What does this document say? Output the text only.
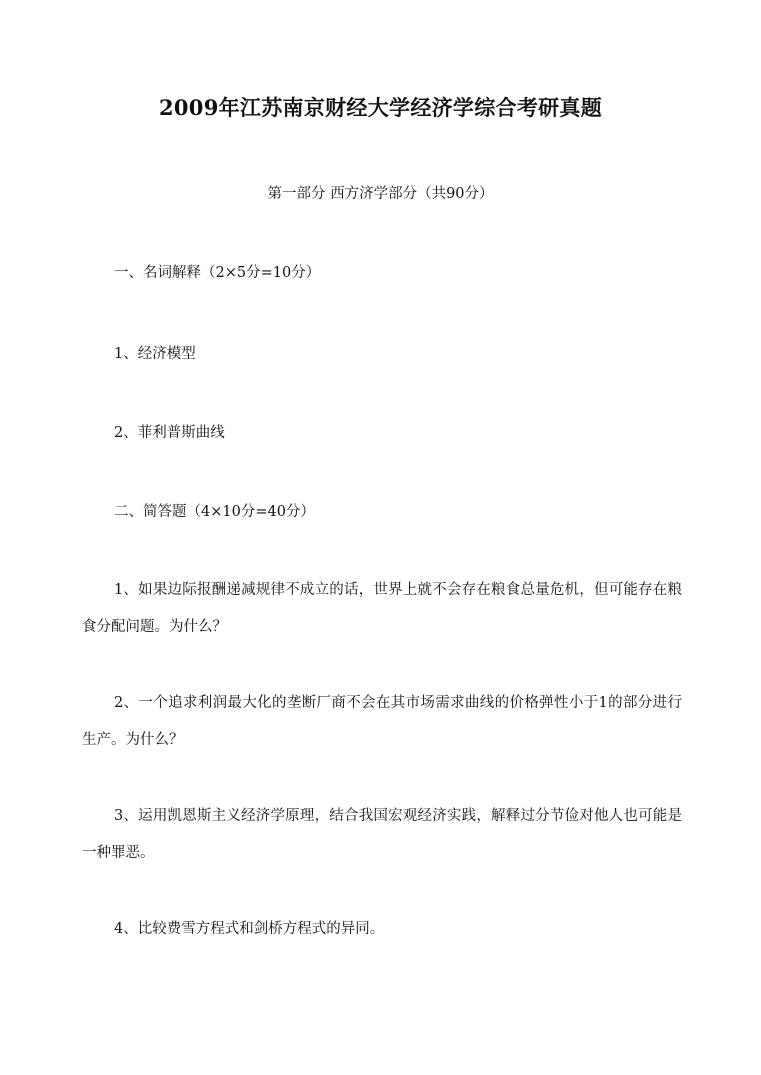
2009年江苏南京财经大学经济学综合考研真题
第一部分 西方济学部分（共90分）
一、名词解释（2×5分=10分）
1、经济模型
2、菲利普斯曲线
二、简答题（4×10分=40分）
1、如果边际报酬递减规律不成立的话，世界上就不会存在粮食总量危机，但可能存在粮食分配问题。为什么？
2、一个追求利润最大化的垄断厂商不会在其市场需求曲线的价格弹性小于1的部分进行生产。为什么？
3、运用凯恩斯主义经济学原理，结合我国宏观经济实践，解释过分节俭对他人也可能是一种罪恶。
4、比较费雪方程式和剑桥方程式的异同。
